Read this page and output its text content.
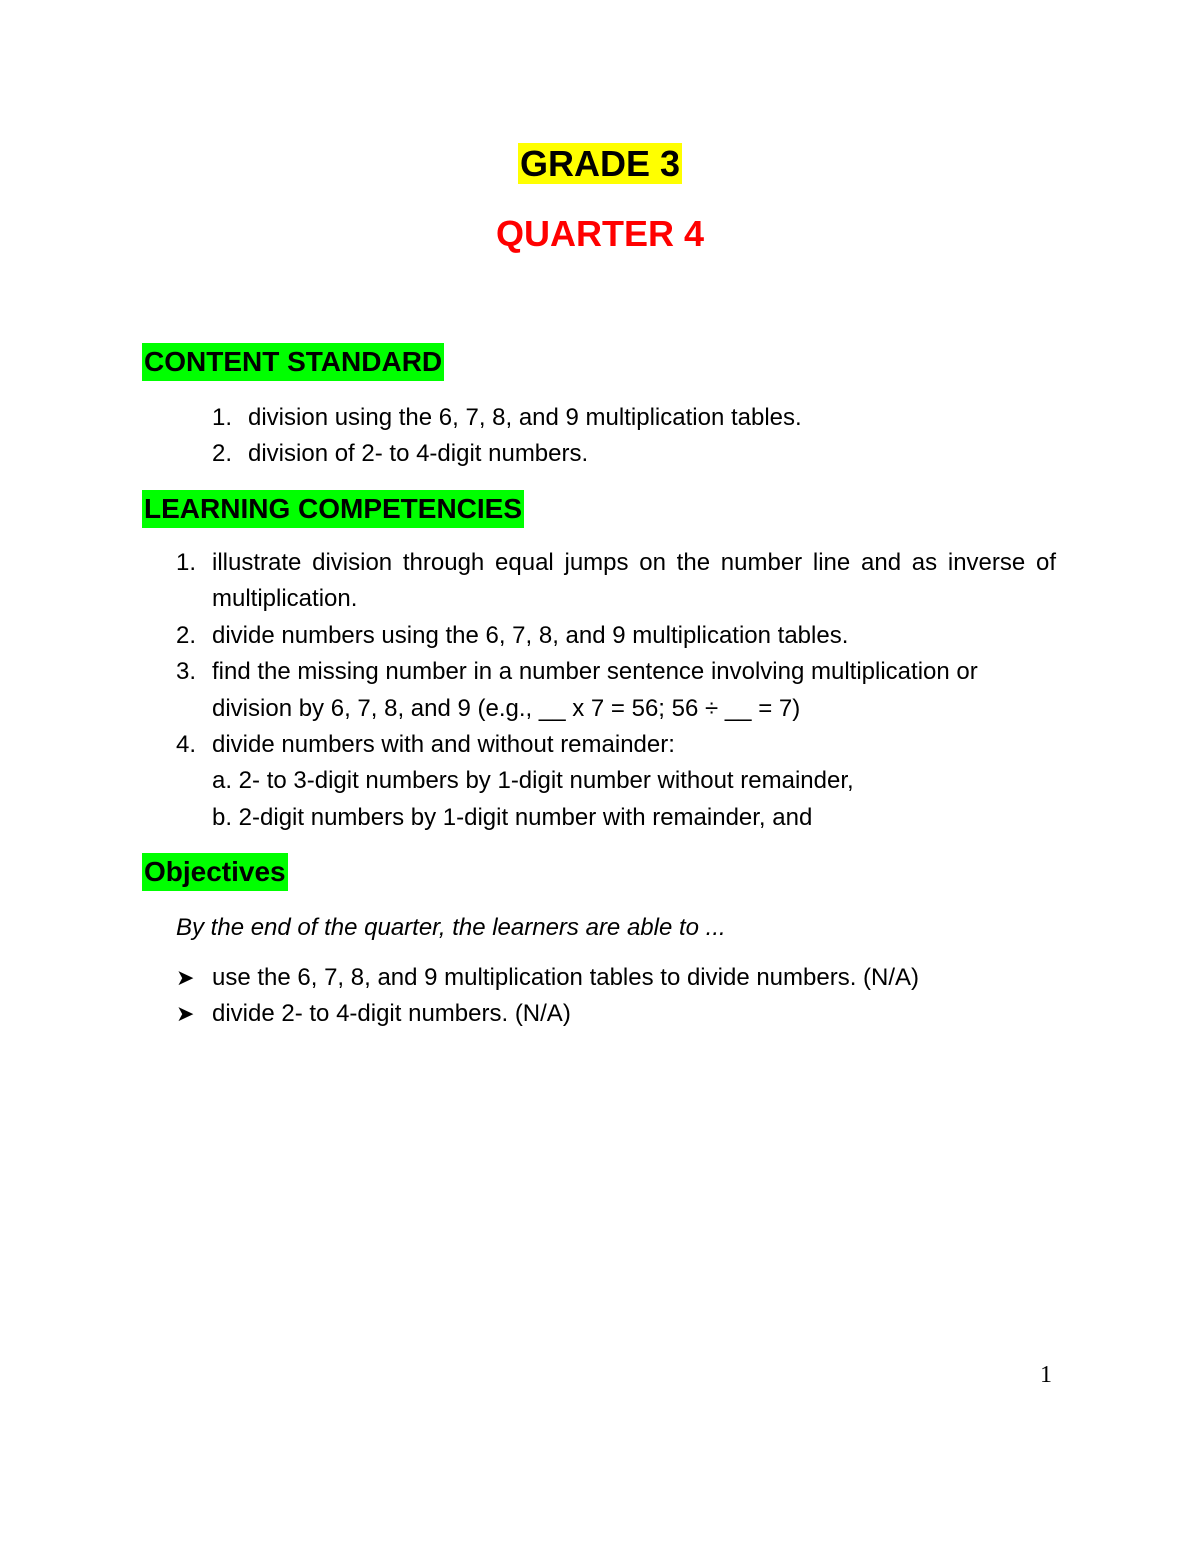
GRADE 3
QUARTER 4
CONTENT STANDARD
1. division using the 6, 7, 8, and 9 multiplication tables.
2. division of 2- to 4-digit numbers.
LEARNING COMPETENCIES
1. illustrate division through equal jumps on the number line and as inverse of multiplication.
2. divide numbers using the 6, 7, 8, and 9 multiplication tables.
3. find the missing number in a number sentence involving multiplication or division by 6, 7, 8, and 9 (e.g., __ x 7 = 56; 56 ÷ __ = 7)
4. divide numbers with and without remainder:
a. 2- to 3-digit numbers by 1-digit number without remainder,
b. 2-digit numbers by 1-digit number with remainder, and
Objectives
By the end of the quarter, the learners are able to ...
➤ use the 6, 7, 8, and 9 multiplication tables to divide numbers. (N/A)
➤ divide 2- to 4-digit numbers. (N/A)
1
